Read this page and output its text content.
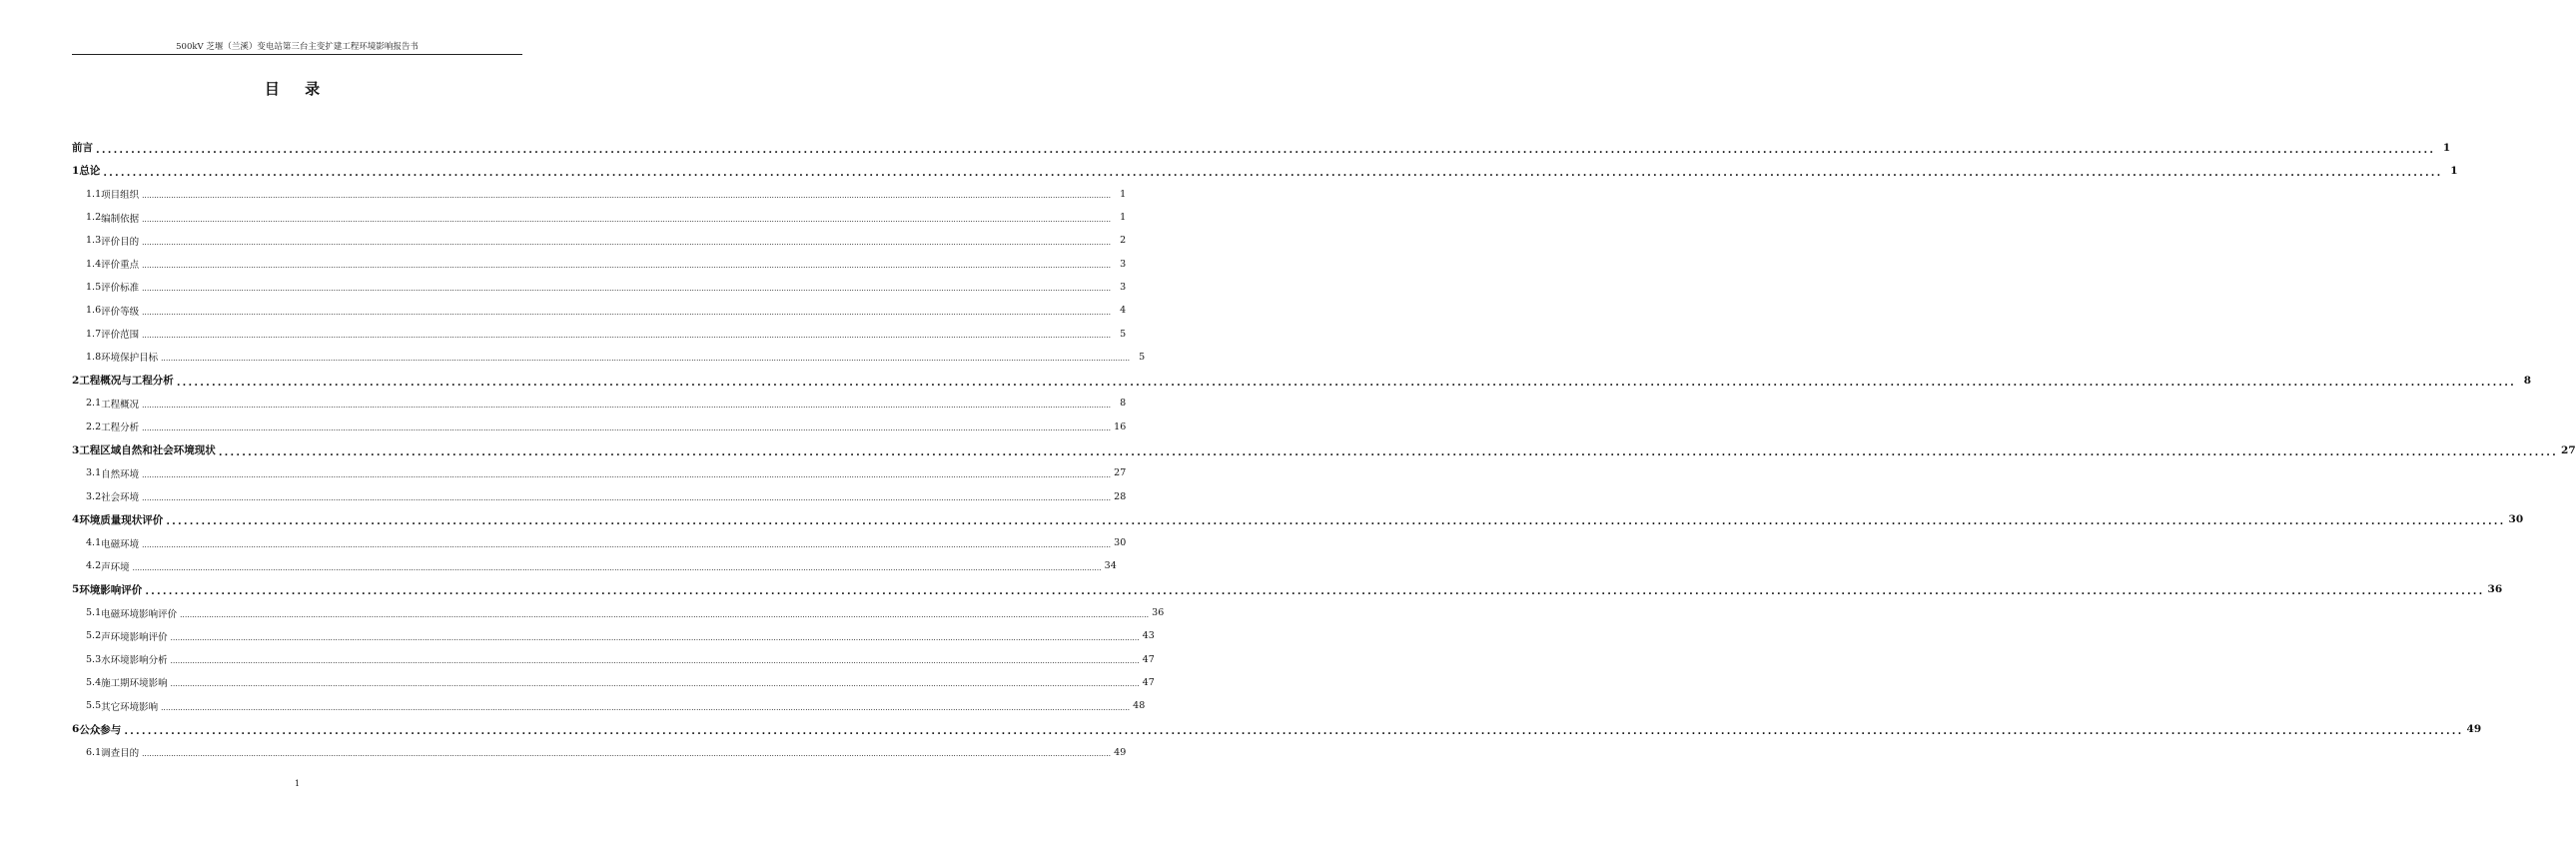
500kV 芝堰（兰溪）变电站第三台主变扩建工程环境影响报告书
目 录
前 言 ................................................................................................................................................................................................................................................................................................................................................................................................................ 1
1 总论 ................................................................................................................................................................................................................................................................................................................................................................................................................ 1
1.1 项目组织 ................................................................................................................................................................................................................................................................................................................................................................................................................ 1
1.2 编制依据 ................................................................................................................................................................................................................................................................................................................................................................................................................ 1
1.3 评价目的 ................................................................................................................................................................................................................................................................................................................................................................................................................ 2
1.4 评价重点 ................................................................................................................................................................................................................................................................................................................................................................................................................ 3
1.5 评价标准 ................................................................................................................................................................................................................................................................................................................................................................................................................ 3
1.6 评价等级 ................................................................................................................................................................................................................................................................................................................................................................................................................ 4
1.7 评价范围 ................................................................................................................................................................................................................................................................................................................................................................................................................ 5
1.8 环境保护目标 ................................................................................................................................................................................................................................................................................................................................................................................................................ 5
2 工程概况与工程分析 ................................................................................................................................................................................................................................................................................................................................................................................................................ 8
2.1 工程概况 ................................................................................................................................................................................................................................................................................................................................................................................................................ 8
2.2 工程分析 ................................................................................................................................................................................................................................................................................................................................................................................................................ 16
3 工程区域自然和社会环境现状 ................................................................................................................................................................................................................................................................................................................................................................................................................ 27
3.1 自然环境 ................................................................................................................................................................................................................................................................................................................................................................................................................ 27
3.2 社会环境 ................................................................................................................................................................................................................................................................................................................................................................................................................ 28
4 环境质量现状评价 ................................................................................................................................................................................................................................................................................................................................................................................................................ 30
4.1 电磁环境 ................................................................................................................................................................................................................................................................................................................................................................................................................ 30
4.2 声环境 ................................................................................................................................................................................................................................................................................................................................................................................................................ 34
5 环境影响评价 ................................................................................................................................................................................................................................................................................................................................................................................................................ 36
5.1 电磁环境影响评价 ................................................................................................................................................................................................................................................................................................................................................................................................................ 36
5.2 声环境影响评价 ................................................................................................................................................................................................................................................................................................................................................................................................................ 43
5.3 水环境影响分析 ................................................................................................................................................................................................................................................................................................................................................................................................................ 47
5.4 施工期环境影响 ................................................................................................................................................................................................................................................................................................................................................................................................................ 47
5.5 其它环境影响 ................................................................................................................................................................................................................................................................................................................................................................................................................ 48
6 公众参与 ................................................................................................................................................................................................................................................................................................................................................................................................................ 49
6.1 调查目的 ................................................................................................................................................................................................................................................................................................................................................................................................................ 49
1
